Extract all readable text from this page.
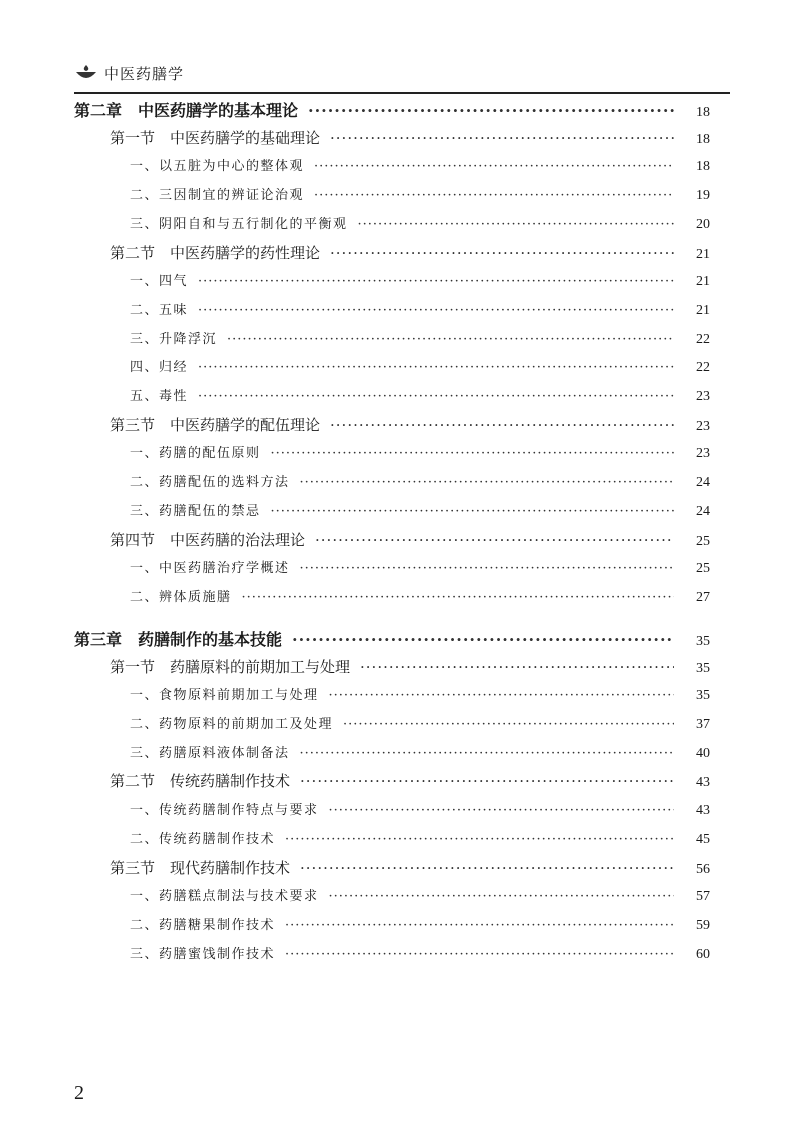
中医药膳学
第二章　中医药膳学的基本理论 ·····	18
第一节　中医药膳学的基础理论 ·····	18
一、以五脏为中心的整体观 ·····	18
二、三因制宜的辨证论治观 ·····	19
三、阴阳自和与五行制化的平衡观 ·····	20
第二节　中医药膳学的药性理论 ·····	21
一、四气 ·····	21
二、五味 ·····	21
三、升降浮沉 ·····	22
四、归经 ·····	22
五、毒性 ·····	23
第三节　中医药膳学的配伍理论 ·····	23
一、药膳的配伍原则 ·····	23
二、药膳配伍的选料方法 ·····	24
三、药膳配伍的禁忌 ·····	24
第四节　中医药膳的治法理论 ·····	25
一、中医药膳治疗学概述 ·····	25
二、辨体质施膳 ·····	27
第三章　药膳制作的基本技能 ·····	35
第一节　药膳原料的前期加工与处理 ·····	35
一、食物原料前期加工与处理 ·····	35
二、药物原料的前期加工及处理 ·····	37
三、药膳原料液体制备法 ·····	40
第二节　传统药膳制作技术 ·····	43
一、传统药膳制作特点与要求 ·····	43
二、传统药膳制作技术 ·····	45
第三节　现代药膳制作技术 ·····	56
一、药膳糕点制法与技术要求 ·····	57
二、药膳糖果制作技术 ·····	59
三、药膳蜜饯制作技术 ·····	60
2
